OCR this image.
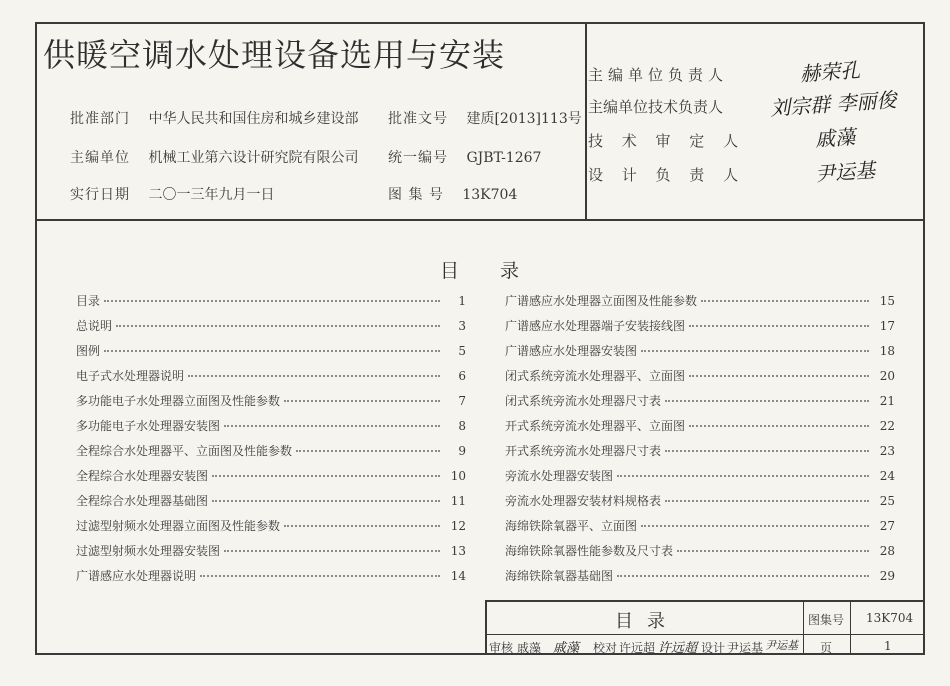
供暖空调水处理设备选用与安装
批准部门 中华人民共和国住房和城乡建设部 批准文号 建质[2013]113号
主编单位 机械工业第六设计研究院有限公司 统一编号 GJBT-1267
实行日期 二〇一三年九月一日	图 集 号 13K704
主编单位负责人	赫荣孔
主编单位技术负责人 刘宗群 李丽俊
技 术 审 定 人	戚藻
设 计 负 责 人	尹运基
目 录
目录	1
总说明	3
图例	5
电子式水处理器说明	6
多功能电子水处理器立面图及性能参数	7
多功能电子水处理器安装图	8
全程综合水处理器平、立面图及性能参数	9
全程综合水处理器安装图	10
全程综合水处理器基础图	11
过滤型射频水处理器立面图及性能参数	12
过滤型射频水处理器安装图	13
广谱感应水处理器说明	14
广谱感应水处理器立面图及性能参数	15
广谱感应水处理器端子安装接线图	17
广谱感应水处理器安装图	18
闭式系统旁流水处理器平、立面图	20
闭式系统旁流水处理器尺寸表	21
开式系统旁流水处理器平、立面图	22
开式系统旁流水处理器尺寸表	23
旁流水处理器安装图	24
旁流水处理器安装材料规格表	25
海绵铁除氧器平、立面图	27
海绵铁除氧器性能参数及尺寸表	28
海绵铁除氧器基础图	29
目录	图集号 13K704
审核 戚藻 戚藻 校对 许远超 许远超 设计 尹运基 尹运基 页	1
